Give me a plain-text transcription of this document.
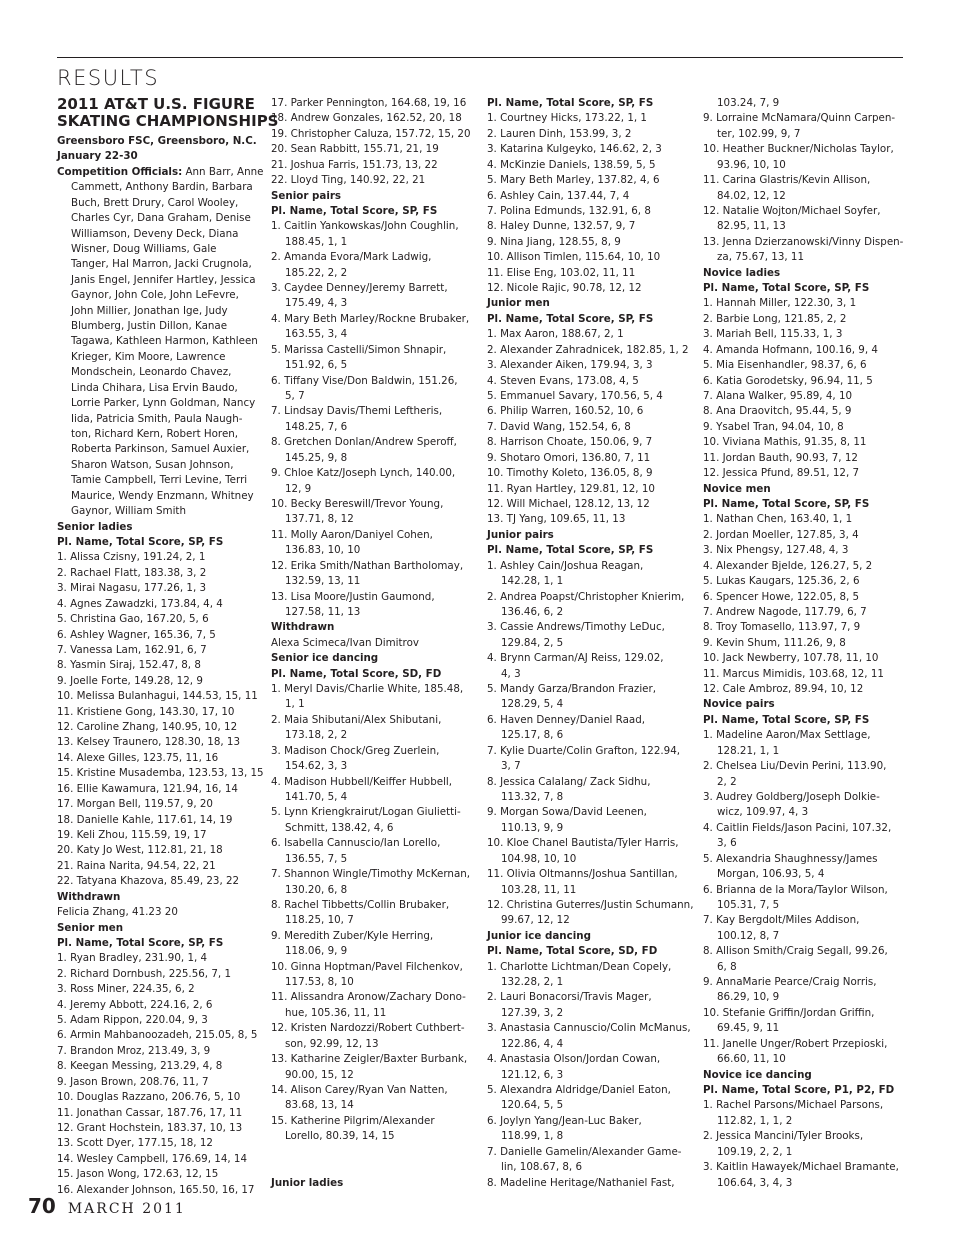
RESULTS
2011 AT&T U.S. FIGURE
SKATING CHAMPIONSHIPS
Greensboro FSC, Greensboro, N.C.
January 22-30
Competition Officials: Ann Barr, Anne
Cammett, Anthony Bardin, Barbara
Buch, Brett Drury, Carol Wooley,
Charles Cyr, Dana Graham, Denise
Williamson, Deveny Deck, Diana
Wisner, Doug Williams, Gale
Tanger, Hal Marron, Jacki Crugnola,
Janis Engel, Jennifer Hartley, Jessica
Gaynor, John Cole, John LeFevre,
John Millier, Jonathan Ige, Judy
Blumberg, Justin Dillon, Kanae
Tagawa, Kathleen Harmon, Kathleen
Krieger, Kim Moore, Lawrence
Mondschein, Leonardo Chavez,
Linda Chihara, Lisa Ervin Baudo,
Lorrie Parker, Lynn Goldman, Nancy
Iida, Patricia Smith, Paula Naugh-
ton, Richard Kern, Robert Horen,
Roberta Parkinson, Samuel Auxier,
Sharon Watson, Susan Johnson,
Tamie Campbell, Terri Levine, Terri
Maurice, Wendy Enzmann, Whitney
Gaynor, William Smith
Senior ladies
Pl. Name, Total Score, SP, FS
1. Alissa Czisny, 191.24, 2, 1
2. Rachael Flatt, 183.38, 3, 2
3. Mirai Nagasu, 177.26, 1, 3
4. Agnes Zawadzki, 173.84, 4, 4
5. Christina Gao, 167.20, 5, 6
6. Ashley Wagner, 165.36, 7, 5
7. Vanessa Lam, 162.91, 6, 7
8. Yasmin Siraj, 152.47, 8, 8
9. Joelle Forte, 149.28, 12, 9
10. Melissa Bulanhagui, 144.53, 15, 11
11. Kristiene Gong, 143.30, 17, 10
12. Caroline Zhang, 140.95, 10, 12
13. Kelsey Traunero, 128.30, 18, 13
14. Alexe Gilles, 123.75, 11, 16
15. Kristine Musademba, 123.53, 13, 15
16. Ellie Kawamura, 121.94, 16, 14
17. Morgan Bell, 119.57, 9, 20
18. Danielle Kahle, 117.61, 14, 19
19. Keli Zhou, 115.59, 19, 17
20. Katy Jo West, 112.81, 21, 18
21. Raina Narita, 94.54, 22, 21
22. Tatyana Khazova, 85.49, 23, 22
Withdrawn
Felicia Zhang, 41.23 20
Senior men
Pl. Name, Total Score, SP, FS
1. Ryan Bradley, 231.90, 1, 4
2. Richard Dornbush, 225.56, 7, 1
3. Ross Miner, 224.35, 6, 2
4. Jeremy Abbott, 224.16, 2, 6
5. Adam Rippon, 220.04, 9, 3
6. Armin Mahbanoozadeh, 215.05, 8, 5
7. Brandon Mroz, 213.49, 3, 9
8. Keegan Messing, 213.29, 4, 8
9. Jason Brown, 208.76, 11, 7
10. Douglas Razzano, 206.76, 5, 10
11. Jonathan Cassar, 187.76, 17, 11
12. Grant Hochstein, 183.37, 10, 13
13. Scott Dyer, 177.15, 18, 12
14. Wesley Campbell, 176.69, 14, 14
15. Jason Wong, 172.63, 12, 15
16. Alexander Johnson, 165.50, 16, 17
17. Parker Pennington, 164.68, 19, 16
18. Andrew Gonzales, 162.52, 20, 18
19. Christopher Caluza, 157.72, 15, 20
20. Sean Rabbitt, 155.71, 21, 19
21. Joshua Farris, 151.73, 13, 22
22. Lloyd Ting, 140.92, 22, 21
Senior pairs
Pl. Name, Total Score, SP, FS
1. Caitlin Yankowskas/John Coughlin,
188.45, 1, 1
2. Amanda Evora/Mark Ladwig,
185.22, 2, 2
3. Caydee Denney/Jeremy Barrett,
175.49, 4, 3
4. Mary Beth Marley/Rockne Brubaker,
163.55, 3, 4
5. Marissa Castelli/Simon Shnapir,
151.92, 6, 5
6. Tiffany Vise/Don Baldwin, 151.26,
5, 7
7. Lindsay Davis/Themi Leftheris,
148.25, 7, 6
8. Gretchen Donlan/Andrew Speroff,
145.25, 9, 8
9. Chloe Katz/Joseph Lynch, 140.00,
12, 9
10. Becky Bereswill/Trevor Young,
137.71, 8, 12
11. Molly Aaron/Daniyel Cohen,
136.83, 10, 10
12. Erika Smith/Nathan Bartholomay,
132.59, 13, 11
13. Lisa Moore/Justin Gaumond,
127.58, 11, 13
Withdrawn
Alexa Scimeca/Ivan Dimitrov
Senior ice dancing
Pl. Name, Total Score, SD, FD
1. Meryl Davis/Charlie White, 185.48,
1, 1
2. Maia Shibutani/Alex Shibutani,
173.18, 2, 2
3. Madison Chock/Greg Zuerlein,
154.62, 3, 3
4. Madison Hubbell/Keiffer Hubbell,
141.70, 5, 4
5. Lynn Kriengkrairut/Logan Giulietti-
Schmitt, 138.42, 4, 6
6. Isabella Cannuscio/Ian Lorello,
136.55, 7, 5
7. Shannon Wingle/Timothy McKernan,
130.20, 6, 8
8. Rachel Tibbetts/Collin Brubaker,
118.25, 10, 7
9. Meredith Zuber/Kyle Herring,
118.06, 9, 9
10. Ginna Hoptman/Pavel Filchenkov,
117.53, 8, 10
11. Alissandra Aronow/Zachary Dono-
hue, 105.36, 11, 11
12. Kristen Nardozzi/Robert Cuthbert-
son, 92.99, 12, 13
13. Katharine Zeigler/Baxter Burbank,
90.00, 15, 12
14. Alison Carey/Ryan Van Natten,
83.68, 13, 14
15. Katherine Pilgrim/Alexander
Lorello, 80.39, 14, 15
Junior ladies
Pl. Name, Total Score, SP, FS
1. Courtney Hicks, 173.22, 1, 1
2. Lauren Dinh, 153.99, 3, 2
3. Katarina Kulgeyko, 146.62, 2, 3
4. McKinzie Daniels, 138.59, 5, 5
5. Mary Beth Marley, 137.82, 4, 6
6. Ashley Cain, 137.44, 7, 4
7. Polina Edmunds, 132.91, 6, 8
8. Haley Dunne, 132.57, 9, 7
9. Nina Jiang, 128.55, 8, 9
10. Allison Timlen, 115.64, 10, 10
11. Elise Eng, 103.02, 11, 11
12. Nicole Rajic, 90.78, 12, 12
Junior men
Pl. Name, Total Score, SP, FS
1. Max Aaron, 188.67, 2, 1
2. Alexander Zahradnicek, 182.85, 1, 2
3. Alexander Aiken, 179.94, 3, 3
4. Steven Evans, 173.08, 4, 5
5. Emmanuel Savary, 170.56, 5, 4
6. Philip Warren, 160.52, 10, 6
7. David Wang, 152.54, 6, 8
8. Harrison Choate, 150.06, 9, 7
9. Shotaro Omori, 136.80, 7, 11
10. Timothy Koleto, 136.05, 8, 9
11. Ryan Hartley, 129.81, 12, 10
12. Will Michael, 128.12, 13, 12
13. TJ Yang, 109.65, 11, 13
Junior pairs
Pl. Name, Total Score, SP, FS
1. Ashley Cain/Joshua Reagan,
142.28, 1, 1
2. Andrea Poapst/Christopher Knierim,
136.46, 6, 2
3. Cassie Andrews/Timothy LeDuc,
129.84, 2, 5
4. Brynn Carman/AJ Reiss, 129.02,
4, 3
5. Mandy Garza/Brandon Frazier,
128.29, 5, 4
6. Haven Denney/Daniel Raad,
125.17, 8, 6
7. Kylie Duarte/Colin Grafton, 122.94,
3, 7
8. Jessica Calalang/ Zack Sidhu,
113.32, 7, 8
9. Morgan Sowa/David Leenen,
110.13, 9, 9
10. Kloe Chanel Bautista/Tyler Harris,
104.98, 10, 10
11. Olivia Oltmanns/Joshua Santillan,
103.28, 11, 11
12. Christina Guterres/Justin Schumann,
99.67, 12, 12
Junior ice dancing
Pl. Name, Total Score, SD, FD
1. Charlotte Lichtman/Dean Copely,
132.28, 2, 1
2. Lauri Bonacorsi/Travis Mager,
127.39, 3, 2
3. Anastasia Cannuscio/Colin McManus,
122.86, 4, 4
4. Anastasia Olson/Jordan Cowan,
121.12, 6, 3
5. Alexandra Aldridge/Daniel Eaton,
120.64, 5, 5
6. Joylyn Yang/Jean-Luc Baker,
118.99, 1, 8
7. Danielle Gamelin/Alexander Game-
lin, 108.67, 8, 6
8. Madeline Heritage/Nathaniel Fast,
103.24, 7, 9
9. Lorraine McNamara/Quinn Carpen-
ter, 102.99, 9, 7
10. Heather Buckner/Nicholas Taylor,
93.96, 10, 10
11. Carina Glastris/Kevin Allison,
84.02, 12, 12
12. Natalie Wojton/Michael Soyfer,
82.95, 11, 13
13. Jenna Dzierzanowski/Vinny Dispen-
za, 75.67, 13, 11
Novice ladies
Pl. Name, Total Score, SP, FS
1. Hannah Miller, 122.30, 3, 1
2. Barbie Long, 121.85, 2, 2
3. Mariah Bell, 115.33, 1, 3
4. Amanda Hofmann, 100.16, 9, 4
5. Mia Eisenhandler, 98.37, 6, 6
6. Katia Gorodetsky, 96.94, 11, 5
7. Alana Walker, 95.89, 4, 10
8. Ana Draovitch, 95.44, 5, 9
9. Ysabel Tran, 94.04, 10, 8
10. Viviana Mathis, 91.35, 8, 11
11. Jordan Bauth, 90.93, 7, 12
12. Jessica Pfund, 89.51, 12, 7
Novice men
Pl. Name, Total Score, SP, FS
1. Nathan Chen, 163.40, 1, 1
2. Jordan Moeller, 127.85, 3, 4
3. Nix Phengsy, 127.48, 4, 3
4. Alexander Bjelde, 126.27, 5, 2
5. Lukas Kaugars, 125.36, 2, 6
6. Spencer Howe, 122.05, 8, 5
7. Andrew Nagode, 117.79, 6, 7
8. Troy Tomasello, 113.97, 7, 9
9. Kevin Shum, 111.26, 9, 8
10. Jack Newberry, 107.78, 11, 10
11. Marcus Mimidis, 103.68, 12, 11
12. Cale Ambroz, 89.94, 10, 12
Novice pairs
Pl. Name, Total Score, SP, FS
1. Madeline Aaron/Max Settlage,
128.21, 1, 1
2. Chelsea Liu/Devin Perini, 113.90,
2, 2
3. Audrey Goldberg/Joseph Dolkie-
wicz, 109.97, 4, 3
4. Caitlin Fields/Jason Pacini, 107.32,
3, 6
5. Alexandria Shaughnessy/James
Morgan, 106.93, 5, 4
6. Brianna de la Mora/Taylor Wilson,
105.31, 7, 5
7. Kay Bergdolt/Miles Addison,
100.12, 8, 7
8. Allison Smith/Craig Segall, 99.26,
6, 8
9. AnnaMarie Pearce/Craig Norris,
86.29, 10, 9
10. Stefanie Griffin/Jordan Griffin,
69.45, 9, 11
11. Janelle Unger/Robert Przepioski,
66.60, 11, 10
Novice ice dancing
Pl. Name, Total Score, P1, P2, FD
1. Rachel Parsons/Michael Parsons,
112.82, 1, 1, 2
2. Jessica Mancini/Tyler Brooks,
109.19, 2, 2, 1
3. Kaitlin Hawayek/Michael Bramante,
106.64, 3, 4, 3
70 MARCH 2011
